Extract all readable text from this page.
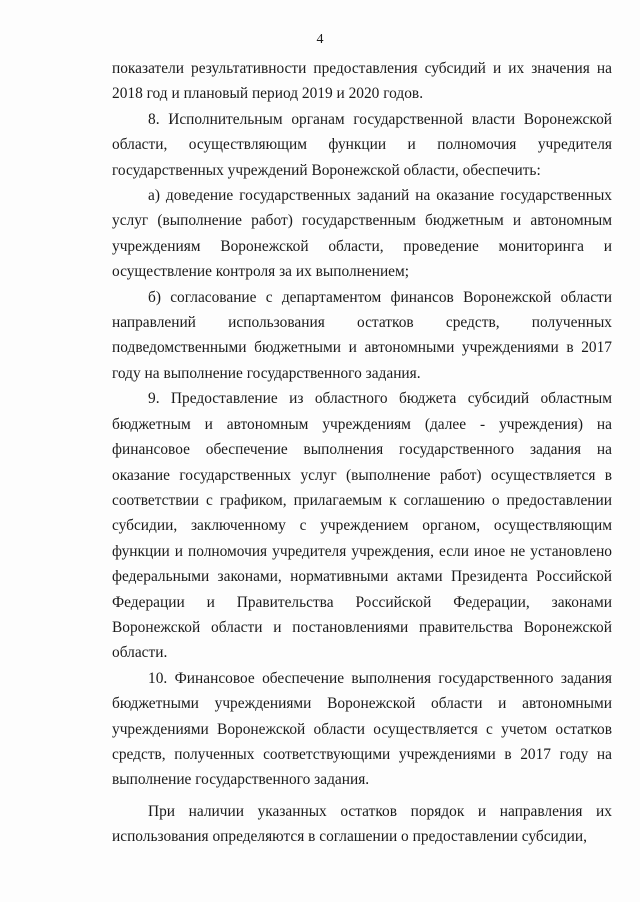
4

показатели результативности предоставления субсидий и их значения на 2018 год и плановый период 2019 и 2020 годов.

8. Исполнительным органам государственной власти Воронежской области, осуществляющим функции и полномочия учредителя государственных учреждений Воронежской области, обеспечить:

а) доведение государственных заданий на оказание государственных услуг (выполнение работ) государственным бюджетным и автономным учреждениям Воронежской области, проведение мониторинга и осуществление контроля за их выполнением;

б) согласование с департаментом финансов Воронежской области направлений использования остатков средств, полученных подведомственными бюджетными и автономными учреждениями в 2017 году на выполнение государственного задания.

9. Предоставление из областного бюджета субсидий областным бюджетным и автономным учреждениям (далее - учреждения) на финансовое обеспечение выполнения государственного задания на оказание государственных услуг (выполнение работ) осуществляется в соответствии с графиком, прилагаемым к соглашению о предоставлении субсидии, заключенному с учреждением органом, осуществляющим функции и полномочия учредителя учреждения, если иное не установлено федеральными законами, нормативными актами Президента Российской Федерации и Правительства Российской Федерации, законами Воронежской области и постановлениями правительства Воронежской области.

10. Финансовое обеспечение выполнения государственного задания бюджетными учреждениями Воронежской области и автономными учреждениями Воронежской области осуществляется с учетом остатков средств, полученных соответствующими учреждениями в 2017 году на выполнение государственного задания.

При наличии указанных остатков порядок и направления их использования определяются в соглашении о предоставлении субсидии,
